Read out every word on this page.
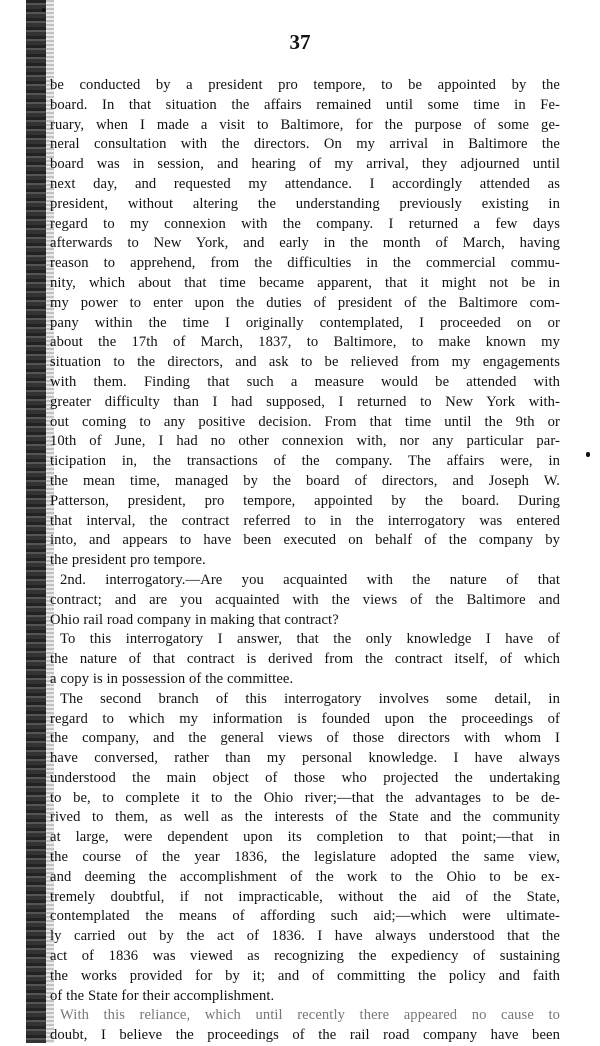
37
be conducted by a president pro tempore, to be appointed by the
board. In that situation the affairs remained until some time in Fe-
ruary, when I made a visit to Baltimore, for the purpose of some ge-
neral consultation with the directors. On my arrival in Baltimore the
board was in session, and hearing of my arrival, they adjourned until
next day, and requested my attendance. I accordingly attended as
president, without altering the understanding previously existing in
regard to my connexion with the company. I returned a few days
afterwards to New York, and early in the month of March, having
reason to apprehend, from the difficulties in the commercial commu-
nity, which about that time became apparent, that it might not be in
my power to enter upon the duties of president of the Baltimore com-
pany within the time I originally contemplated, I proceeded on or
about the 17th of March, 1837, to Baltimore, to make known my
situation to the directors, and ask to be relieved from my engagements
with them. Finding that such a measure would be attended with
greater difficulty than I had supposed, I returned to New York with-
out coming to any positive decision. From that time until the 9th or
10th of June, I had no other connexion with, nor any particular par-
ticipation in, the transactions of the company. The affairs were, in
the mean time, managed by the board of directors, and Joseph W.
Patterson, president, pro tempore, appointed by the board. During
that interval, the contract referred to in the interrogatory was entered
into, and appears to have been executed on behalf of the company by
the president pro tempore.
2nd. interrogatory.—Are you acquainted with the nature of that
contract; and are you acquainted with the views of the Baltimore and
Ohio rail road company in making that contract?
To this interrogatory I answer, that the only knowledge I have of
the nature of that contract is derived from the contract itself, of which
a copy is in possession of the committee.
The second branch of this interrogatory involves some detail, in
regard to which my information is founded upon the proceedings of
the company, and the general views of those directors with whom I
have conversed, rather than my personal knowledge. I have always
understood the main object of those who projected the undertaking
to be, to complete it to the Ohio river;—that the advantages to be de-
rived to them, as well as the interests of the State and the community
at large, were dependent upon its completion to that point;—that in
the course of the year 1836, the legislature adopted the same view,
and deeming the accomplishment of the work to the Ohio to be ex-
tremely doubtful, if not impracticable, without the aid of the State,
contemplated the means of affording such aid;—which were ultimate-
ly carried out by the act of 1836. I have always understood that the
act of 1836 was viewed as recognizing the expediency of sustaining
the works provided for by it; and of committing the policy and faith
of the State for their accomplishment.
With this reliance, which until recently there appeared no cause to
doubt, I believe the proceedings of the rail road company have been
